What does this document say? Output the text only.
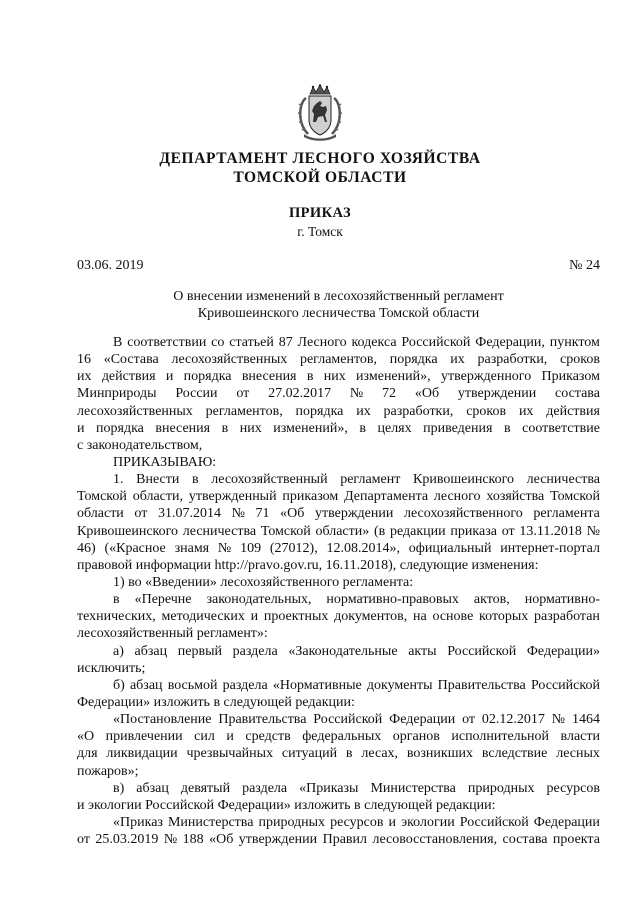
ДЕПАРТАМЕНТ ЛЕСНОГО ХОЗЯЙСТВА
ТОМСКОЙ ОБЛАСТИ
ПРИКАЗ
г. Томск
03.06. 2019	№ 24
О внесении изменений в лесохозяйственный регламент
Кривошеинского лесничества Томской области
В соответствии со статьей 87 Лесного кодекса Российской Федерации, пунктом
16 «Состава лесохозяйственных регламентов, порядка их разработки, сроков
их действия и порядка внесения в них изменений», утвержденного Приказом
Минприроды России от 27.02.2017 № 72 «Об утверждении состава
лесохозяйственных регламентов, порядка их разработки, сроков их действия
и порядка внесения в них изменений», в целях приведения в соответствие
с законодательством,
ПРИКАЗЫВАЮ:
1. Внести в лесохозяйственный регламент Кривошеинского лесничества
Томской области, утвержденный приказом Департамента лесного хозяйства Томской
области от 31.07.2014 № 71 «Об утверждении лесохозяйственного регламента
Кривошеинского лесничества Томской области» (в редакции приказа от 13.11.2018 №
46) («Красное знамя № 109 (27012), 12.08.2014», официальный интернет-портал
правовой информации http://pravo.gov.ru, 16.11.2018), следующие изменения:
1) во «Введении» лесохозяйственного регламента:
в «Перечне законодательных, нормативно-правовых актов, нормативно-
технических, методических и проектных документов, на основе которых разработан
лесохозяйственный регламент»:
а) абзац первый раздела «Законодательные акты Российской Федерации»
исключить;
б) абзац восьмой раздела «Нормативные документы Правительства Российской
Федерации» изложить в следующей редакции:
«Постановление Правительства Российской Федерации от 02.12.2017 № 1464
«О привлечении сил и средств федеральных органов исполнительной власти
для ликвидации чрезвычайных ситуаций в лесах, возникших вследствие лесных
пожаров»;
в) абзац девятый раздела «Приказы Министерства природных ресурсов
и экологии Российской Федерации» изложить в следующей редакции:
«Приказ Министерства природных ресурсов и экологии Российской Федерации
от 25.03.2019 № 188 «Об утверждении Правил лесовосстановления, состава проекта
